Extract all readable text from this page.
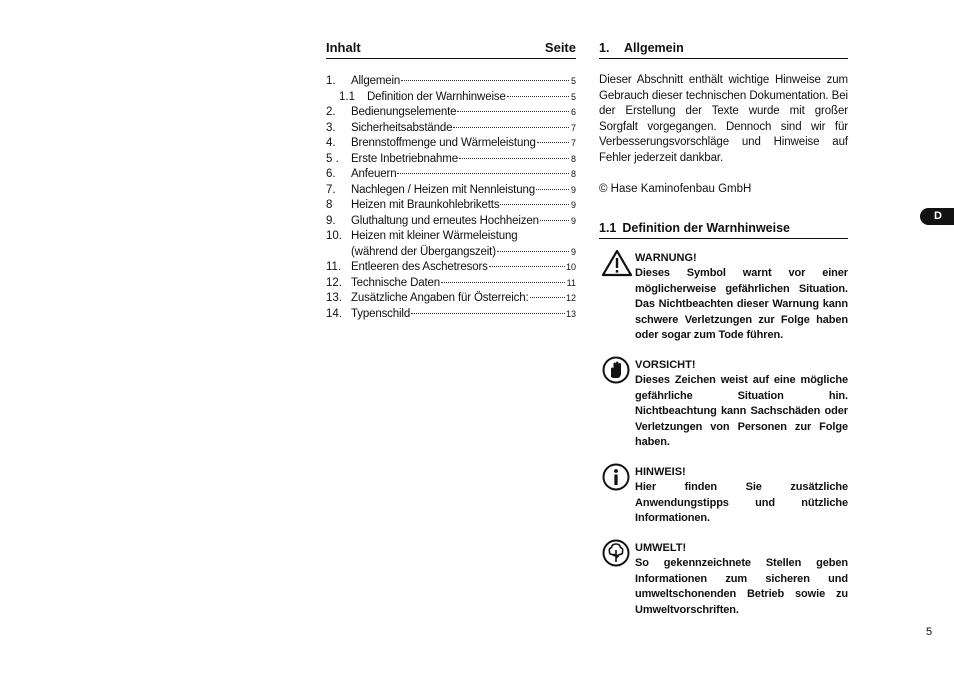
Inhalt	Seite
1.	Allgemein	5
1.1	Definition der Warnhinweise	5
2.	Bedienungselemente	6
3.	Sicherheitsabstände	7
4.	Brennstoffmenge und Wärmeleistung	7
5 .	Erste Inbetriebnahme	8
6.	Anfeuern	8
7.	Nachlegen / Heizen mit Nennleistung	9
8	Heizen mit Braunkohlebriketts	9
9.	Gluthaltung und erneutes Hochheizen	9
10. Heizen mit kleiner Wärmeleistung
(während der Übergangszeit)	9
11. Entleeren des Aschetresors	10
12. Technische Daten	11
13. Zusätzliche Angaben für Österreich:	12
14. Typenschild	13
1. Allgemein
Dieser Abschnitt enthält wichtige Hinweise zum Gebrauch dieser technischen Dokumentation. Bei der Erstellung der Texte wurde mit großer Sorgfalt vorgegangen. Dennoch sind wir für Verbesserungsvorschläge und Hinweise auf Fehler jederzeit dankbar.
© Hase Kaminofenbau GmbH
1.1 Definition der Warnhinweise
WARNUNG!
Dieses Symbol warnt vor einer möglicherweise gefährlichen Situation. Das Nichtbeachten dieser Warnung kann schwere Verletzungen zur Folge haben oder sogar zum Tode führen.
VORSICHT!
Dieses Zeichen weist auf eine mögliche gefährliche Situation hin. Nichtbeachtung kann Sachschäden oder Verletzungen von Personen zur Folge haben.
HINWEIS!
Hier finden Sie zusätzliche Anwendungstipps und nützliche Informationen.
UMWELT!
So gekennzeichnete Stellen geben Informationen zum sicheren und umweltschonenden Betrieb sowie zu Umweltvorschriften.
D
5
